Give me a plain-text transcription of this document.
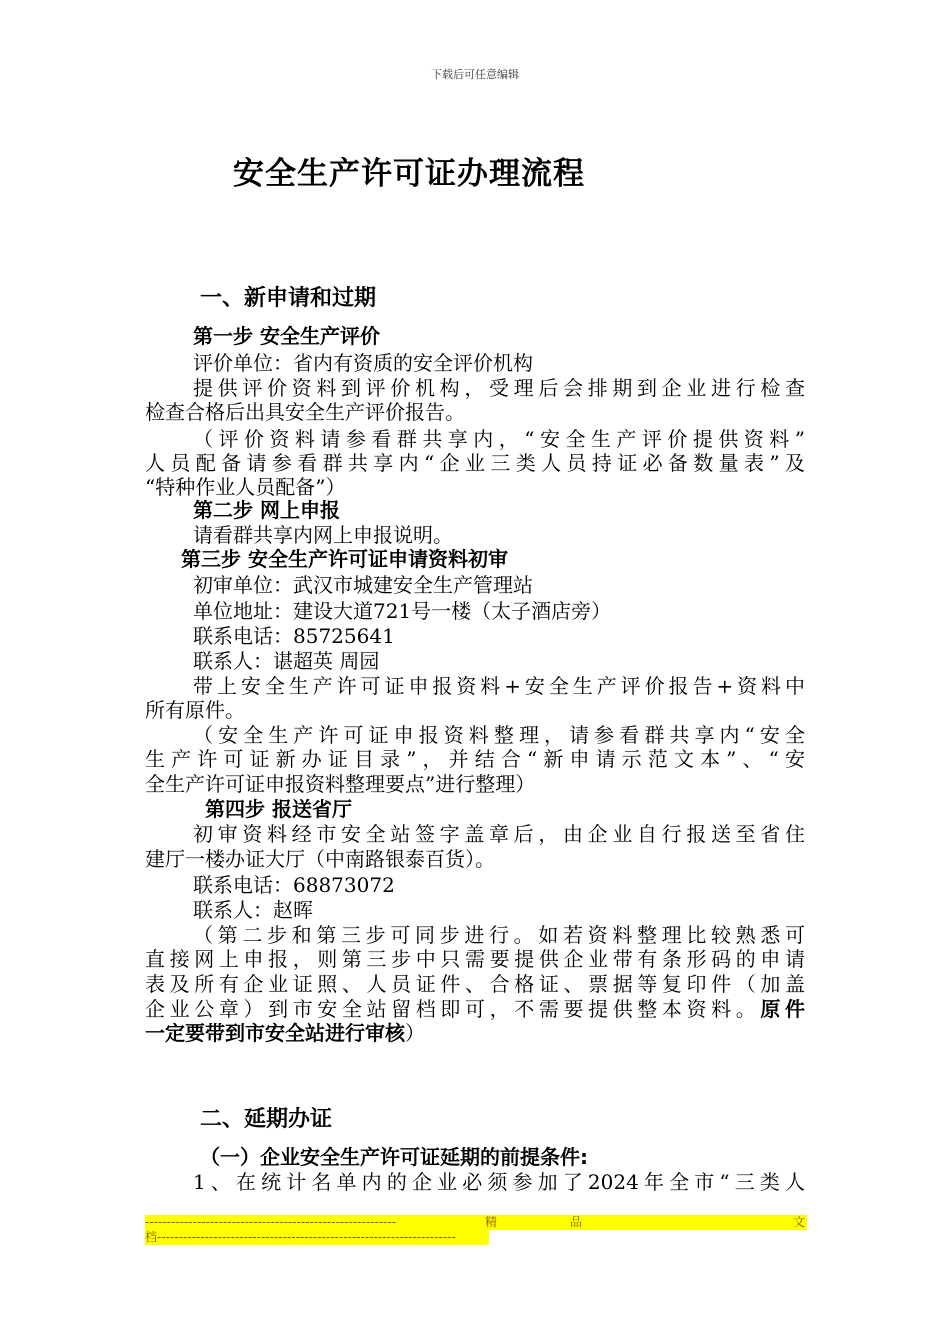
下载后可任意编辑
安全生产许可证办理流程
一、新申请和过期
第一步 安全生产评价
评价单位：省内有资质的安全评价机构
提供评价资料到评价机构，受理后会排期到企业进行检查
检查合格后出具安全生产评价报告。
（评价资料请参看群共享内，“安全生产评价提供资料”
人员配备请参看群共享内“企业三类人员持证必备数量表”及
“特种作业人员配备”）
第二步 网上申报
请看群共享内网上申报说明。
第三步 安全生产许可证申请资料初审
初审单位：武汉市城建安全生产管理站
单位地址：建设大道721号一楼（太子酒店旁）
联系电话：85725641
联系人：谌超英 周园
带上安全生产许可证申报资料+安全生产评价报告+资料中
所有原件。
（安全生产许可证申报资料整理，请参看群共享内“安全
生产许可证新办证目录”，并结合“新申请示范文本”、“安
全生产许可证申报资料整理要点”进行整理）
第四步 报送省厅
初审资料经市安全站签字盖章后，由企业自行报送至省住
建厅一楼办证大厅（中南路银泰百货）。
联系电话：68873072
联系人：赵晖
（第二步和第三步可同步进行。如若资料整理比较熟悉可
直接网上申报，则第三步中只需要提供企业带有条形码的申请
表及所有企业证照、人员证件、合格证、票据等复印件（加盖
企业公章）到市安全站留档即可，不需要提供整本资料。原件
一定要带到市安全站进行审核）
二、延期办证
（一）企业安全生产许可证延期的前提条件:
1、在统计名单内的企业必须参加了2024年全市“三类人
----------------------------------------------------------	精	品	文
档---------------------------------------------------------------------
